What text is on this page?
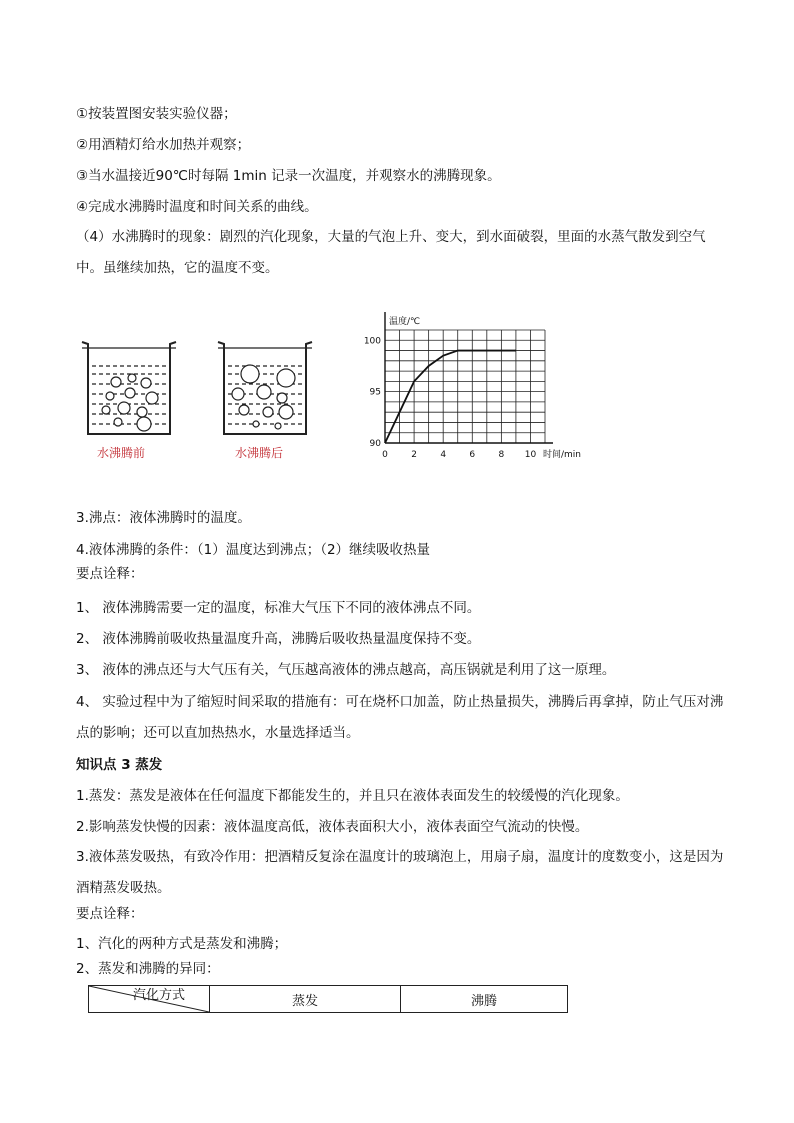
①按装置图安装实验仪器；
②用酒精灯给水加热并观察；
③当水温接近90℃时每隔 1min 记录一次温度，并观察水的沸腾现象。
④完成水沸腾时温度和时间关系的曲线。
（4）水沸腾时的现象：剧烈的汽化现象，大量的气泡上升、变大，到水面破裂，里面的水蒸气散发到空气中。虽继续加热，它的温度不变。
水沸腾前	水沸腾后	0	2	4	6	8 10
90
95
100
温度/℃
时间/min
3.沸点：液体沸腾时的温度。
4.液体沸腾的条件：（1）温度达到沸点；（2）继续吸收热量
要点诠释：
1、 液体沸腾需要一定的温度，标准大气压下不同的液体沸点不同。
2、 液体沸腾前吸收热量温度升高，沸腾后吸收热量温度保持不变。
3、 液体的沸点还与大气压有关，气压越高液体的沸点越高，高压锅就是利用了这一原理。
4、 实验过程中为了缩短时间采取的措施有：可在烧杯口加盖，防止热量损失，沸腾后再拿掉，防止气压对沸点的影响；还可以直加热热水，水量选择适当。
知识点 3 蒸发
1.蒸发：蒸发是液体在任何温度下都能发生的，并且只在液体表面发生的较缓慢的汽化现象。
2.影响蒸发快慢的因素：液体温度高低，液体表面积大小，液体表面空气流动的快慢。
3.液体蒸发吸热，有致冷作用：把酒精反复涂在温度计的玻璃泡上，用扇子扇，温度计的度数变小，这是因为酒精蒸发吸热。
要点诠释：
1、汽化的两种方式是蒸发和沸腾；
2、蒸发和沸腾的异同：
汽化方式	蒸发	沸腾
